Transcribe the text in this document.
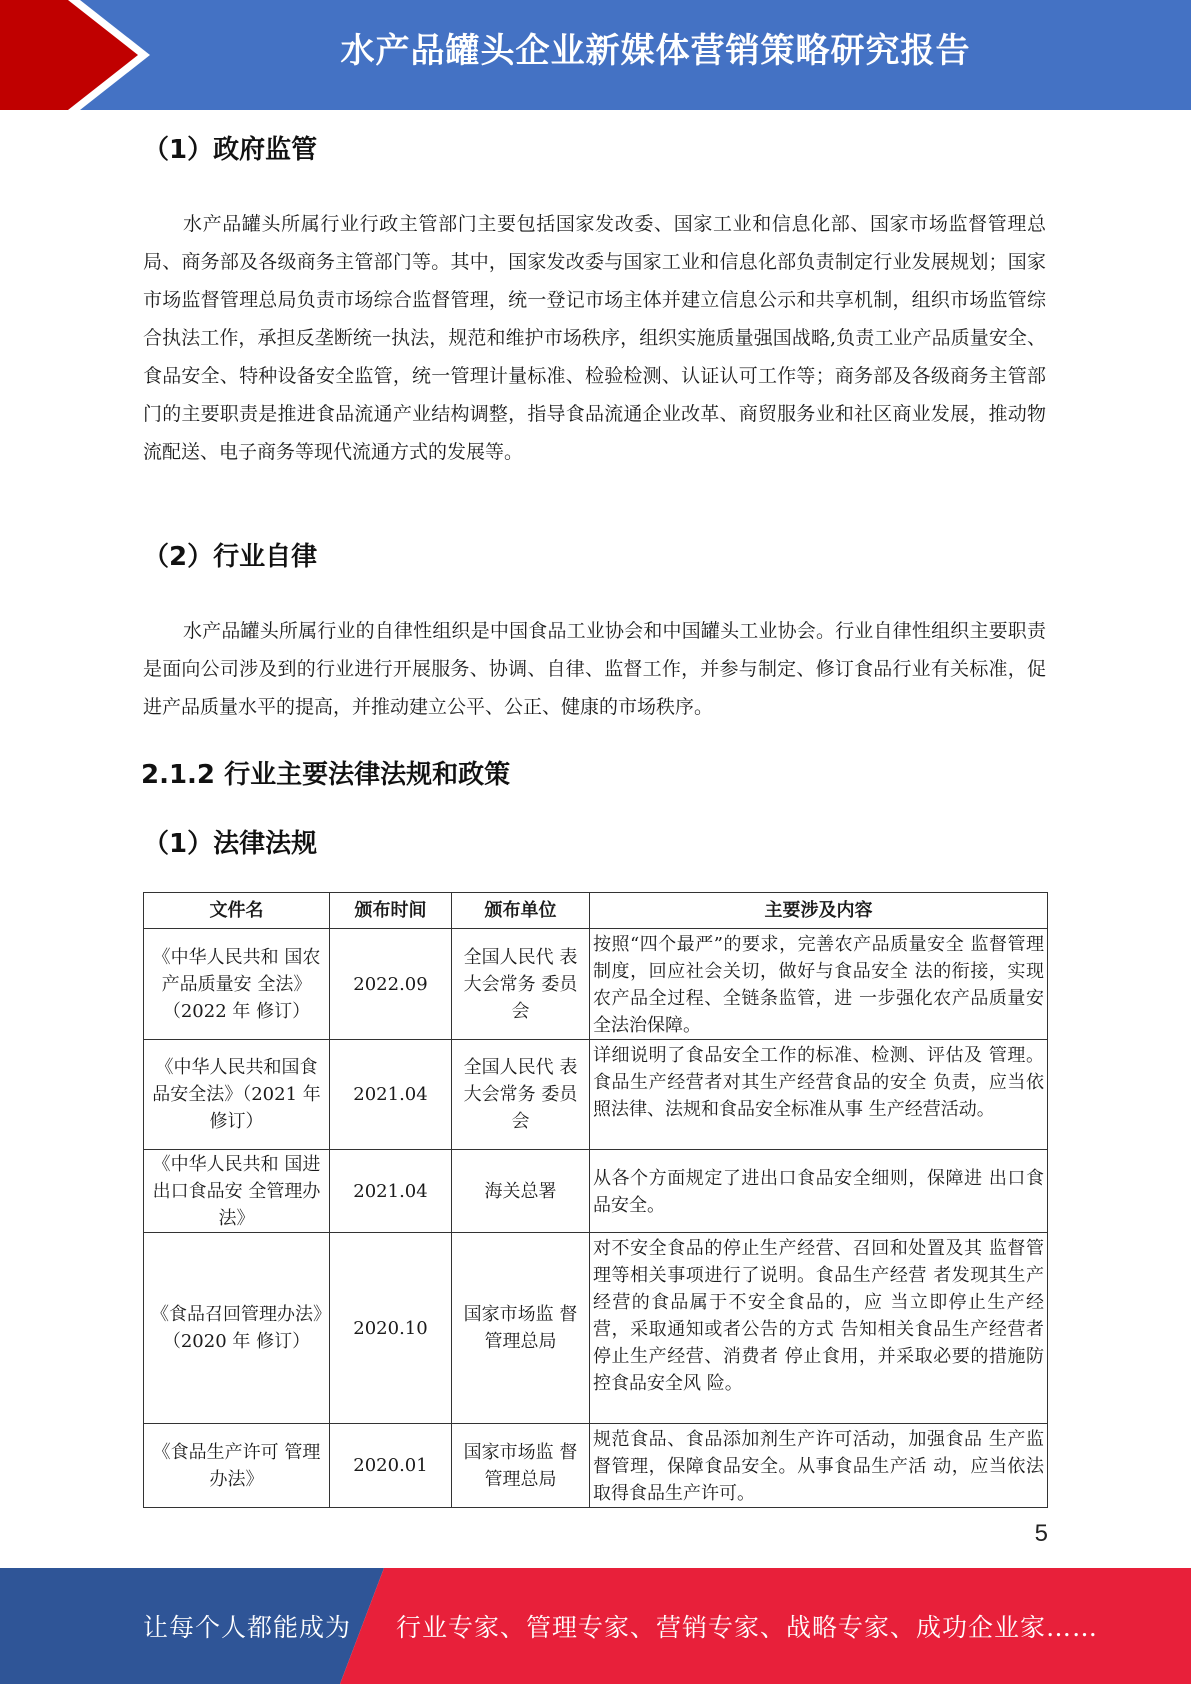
水产品罐头企业新媒体营销策略研究报告
（1）政府监管
水产品罐头所属行业行政主管部门主要包括国家发改委、国家工业和信息化部、国家市场监督管理总局、商务部及各级商务主管部门等。其中，国家发改委与国家工业和信息化部负责制定行业发展规划；国家市场监督管理总局负责市场综合监督管理，统一登记市场主体并建立信息公示和共享机制，组织市场监管综合执法工作，承担反垄断统一执法，规范和维护市场秩序，组织实施质量强国战略,负责工业产品质量安全、食品安全、特种设备安全监管，统一管理计量标准、检验检测、认证认可工作等；商务部及各级商务主管部门的主要职责是推进食品流通产业结构调整，指导食品流通企业改革、商贸服务业和社区商业发展，推动物流配送、电子商务等现代流通方式的发展等。
（2）行业自律
水产品罐头所属行业的自律性组织是中国食品工业协会和中国罐头工业协会。行业自律性组织主要职责是面向公司涉及到的行业进行开展服务、协调、自律、监督工作，并参与制定、修订食品行业有关标准，促进产品质量水平的提高，并推动建立公平、公正、健康的市场秩序。
2.1.2 行业主要法律法规和政策
（1）法律法规
文件名	颁布时间	颁布单位	主要涉及内容
《中华人民共和 国农产品质量安 全法》（2022 年 修订）	2022.09	全国人民代 表大会常务 委员会	按照“四个最严”的要求，完善农产品质量安全 监督管理制度，回应社会关切，做好与食品安全 法的衔接，实现农产品全过程、全链条监管，进 一步强化农产品质量安全法治保障。
《中华人民共和国食品安全法》（2021 年修订）	2021.04	全国人民代 表大会常务 委员会	详细说明了食品安全工作的标准、检测、评估及 管理。食品生产经营者对其生产经营食品的安全 负责，应当依照法律、法规和食品安全标准从事 生产经营活动。
《中华人民共和 国进出口食品安 全管理办法》	2021.04	海关总署	从各个方面规定了进出口食品安全细则，保障进 出口食品安全。
《食品召回管理办法》（2020 年 修订）	2020.10	国家市场监 督管理总局	对不安全食品的停止生产经营、召回和处置及其 监督管理等相关事项进行了说明。食品生产经营 者发现其生产经营的食品属于不安全食品的，应 当立即停止生产经营，采取通知或者公告的方式 告知相关食品生产经营者停止生产经营、消费者 停止食用，并采取必要的措施防控食品安全风 险。
《食品生产许可 管理办法》	2020.01	国家市场监 督管理总局	规范食品、食品添加剂生产许可活动，加强食品 生产监督管理，保障食品安全。从事食品生产活 动，应当依法取得食品生产许可。
5
让每个人都能成为 行业专家、管理专家、营销专家、战略专家、成功企业家……
